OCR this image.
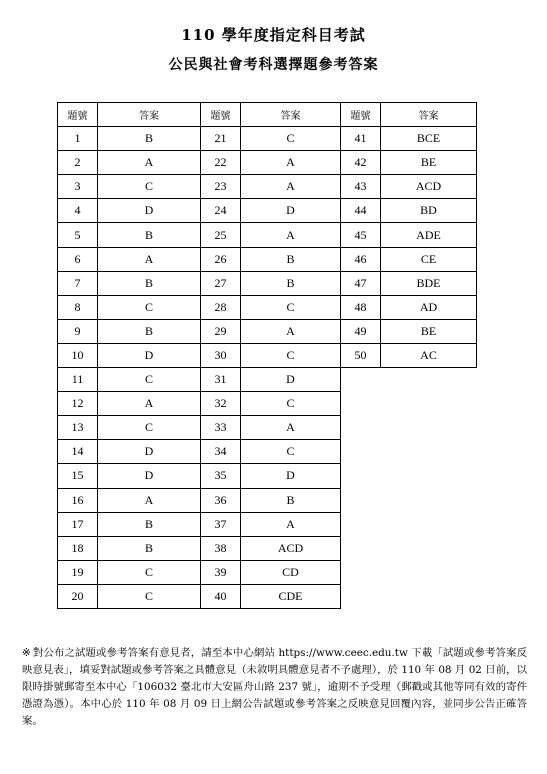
110 學年度指定科目考試
公民與社會考科選擇題參考答案
題號	答案	題號	答案	題號	答案
1	B	21	C	41	BCE
2	A	22	A	42	BE
3	C	23	A	43	ACD
4	D	24	D	44	BD
5	B	25	A	45	ADE
6	A	26	B	46	CE
7	B	27	B	47	BDE
8	C	28	C	48	AD
9	B	29	A	49	BE
10	D	30	C	50	AC
11	C	31	D		
12	A	32	C		
13	C	33	A		
14	D	34	C		
15	D	35	D		
16	A	36	B		
17	B	37	A		
18	B	38	ACD		
19	C	39	CD		
20	C	40	CDE		

※ 對公布之試題或參考答案有意見者，請至本中心網站 https://www.ceec.edu.tw 下載「試題或參考答案反映意見表」，填妥對試題或參考答案之具體意見（未敘明具體意見者不予處理），於 110 年 08 月 02 日前，以限時掛號郵寄至本中心「106032 臺北市大安區舟山路 237 號」，逾期不予受理（郵戳或其他等同有效的寄件憑證為憑）。本中心於 110 年 08 月 09 日上網公告試題或參考答案之反映意見回覆內容，並同步公告正確答案。
